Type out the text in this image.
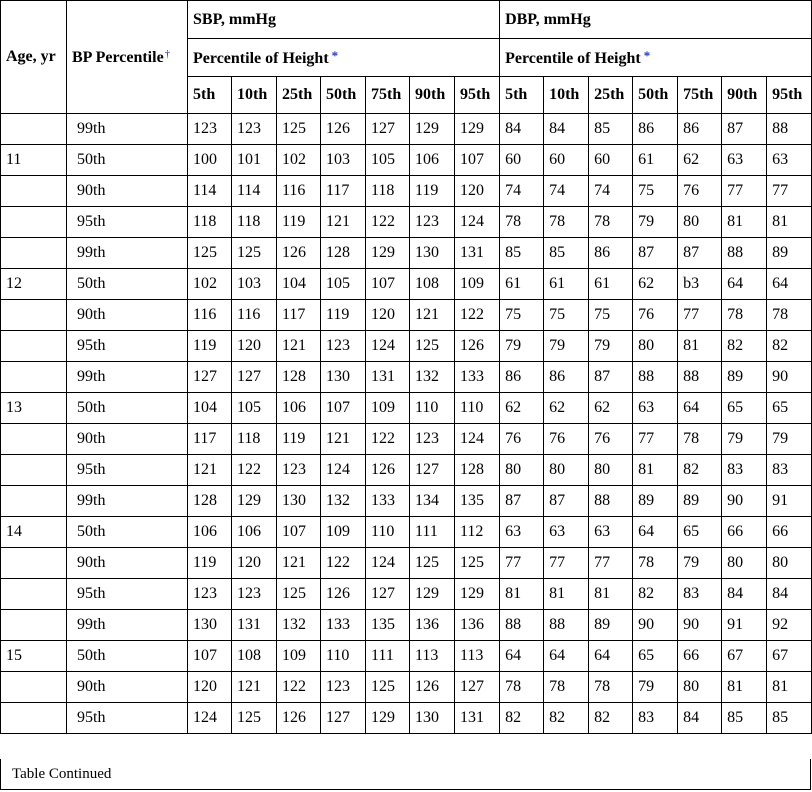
Age, yr	BP Percentile†	SBP, mmHg							DBP, mmHg						
		Percentile of Height *							Percentile of Height *						
		5th	10th	25th	50th	75th	90th	95th	5th	10th	25th	50th	75th	90th	95th
	99th	123	123	125	126	127	129	129	84	84	85	86	86	87	88
11	50th	100	101	102	103	105	106	107	60	60	60	61	62	63	63
	90th	114	114	116	117	118	119	120	74	74	74	75	76	77	77
	95th	118	118	119	121	122	123	124	78	78	78	79	80	81	81
	99th	125	125	126	128	129	130	131	85	85	86	87	87	88	89
12	50th	102	103	104	105	107	108	109	61	61	61	62	b3	64	64
	90th	116	116	117	119	120	121	122	75	75	75	76	77	78	78
	95th	119	120	121	123	124	125	126	79	79	79	80	81	82	82
	99th	127	127	128	130	131	132	133	86	86	87	88	88	89	90
13	50th	104	105	106	107	109	110	110	62	62	62	63	64	65	65
	90th	117	118	119	121	122	123	124	76	76	76	77	78	79	79
	95th	121	122	123	124	126	127	128	80	80	80	81	82	83	83
	99th	128	129	130	132	133	134	135	87	87	88	89	89	90	91
14	50th	106	106	107	109	110	111	112	63	63	63	64	65	66	66
	90th	119	120	121	122	124	125	125	77	77	77	78	79	80	80
	95th	123	123	125	126	127	129	129	81	81	81	82	83	84	84
	99th	130	131	132	133	135	136	136	88	88	89	90	90	91	92
15	50th	107	108	109	110	111	113	113	64	64	64	65	66	67	67
	90th	120	121	122	123	125	126	127	78	78	78	79	80	81	81
	95th	124	125	126	127	129	130	131	82	82	82	83	84	85	85
Table Continued
